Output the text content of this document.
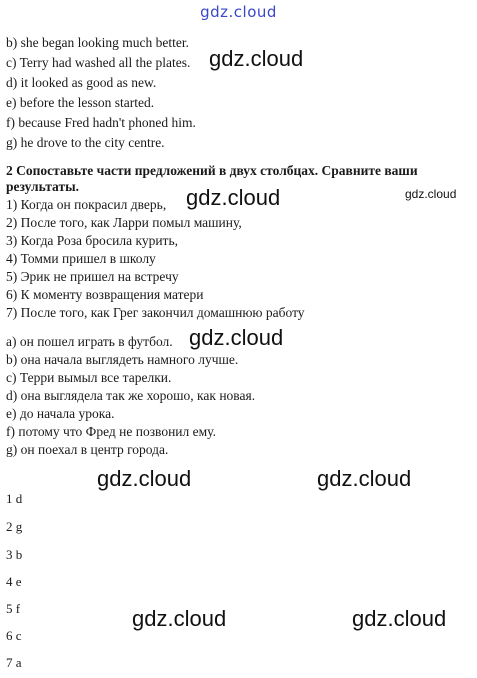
gdz.cloud
b) she began looking much better.
c) Terry had washed all the plates.
d) it looked as good as new.
e) before the lesson started.
f) because Fred hadn't phoned him.
g) he drove to the city centre.
2 Сопоставьте части предложений в двух столбцах. Сравните ваши результаты.
1) Когда он покрасил дверь,
2) После того, как Ларри помыл машину,
3) Когда Роза бросила курить,
4) Томми пришел в школу
5) Эрик не пришел на встречу
6) К моменту возвращения матери
7) После того, как Грег закончил домашнюю работу
a) он пошел играть в футбол.
b) она начала выглядеть намного лучше.
c) Терри вымыл все тарелки.
d) она выглядела так же хорошо, как новая.
e) до начала урока.
f) потому что Фред не позвонил ему.
g) он поехал в центр города.
1 d
2 g
3 b
4 e
5 f
6 c
7 a
gdz.cloud
gdz.cloud	gdz.cloud
gdz.cloud
gdz.cloud	gdz.cloud
gdz.cloud	gdz.cloud
